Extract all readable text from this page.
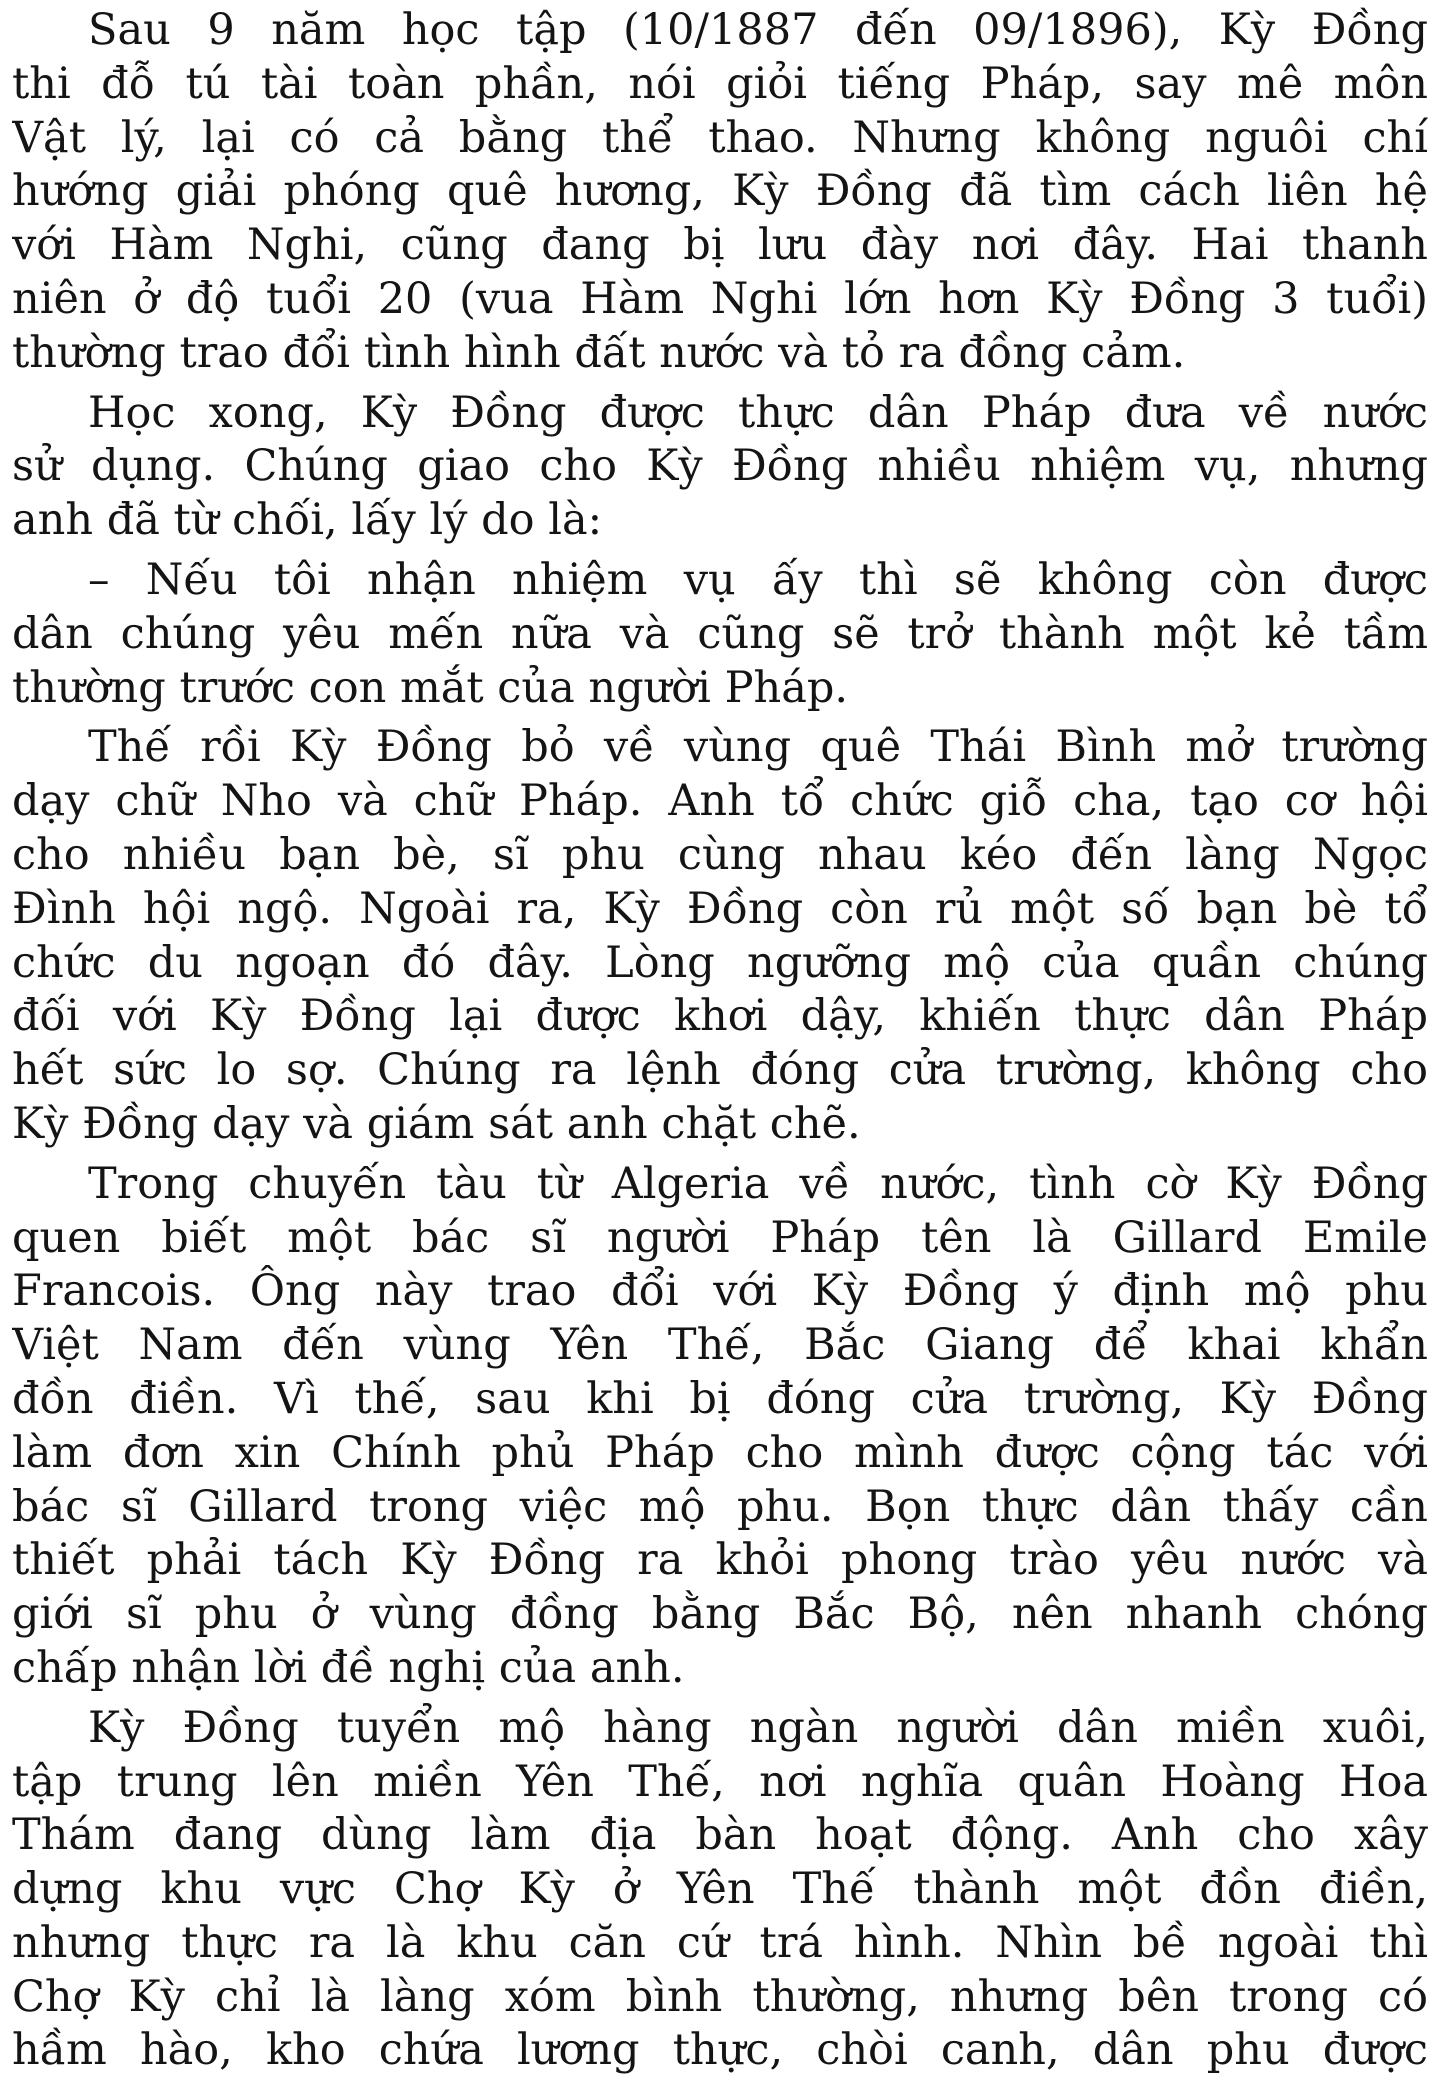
Sau 9 năm học tập (10/1887 đến 09/1896), Kỳ Đồng
thi đỗ tú tài toàn phần, nói giỏi tiếng Pháp, say mê môn
Vật lý, lại có cả bằng thể thao. Nhưng không nguôi chí
hướng giải phóng quê hương, Kỳ Đồng đã tìm cách liên hệ
với Hàm Nghi, cũng đang bị lưu đày nơi đây. Hai thanh
niên ở độ tuổi 20 (vua Hàm Nghi lớn hơn Kỳ Đồng 3 tuổi)
thường trao đổi tình hình đất nước và tỏ ra đồng cảm.
Học xong, Kỳ Đồng được thực dân Pháp đưa về nước
sử dụng. Chúng giao cho Kỳ Đồng nhiều nhiệm vụ, nhưng
anh đã từ chối, lấy lý do là:
– Nếu tôi nhận nhiệm vụ ấy thì sẽ không còn được
dân chúng yêu mến nữa và cũng sẽ trở thành một kẻ tầm
thường trước con mắt của người Pháp.
Thế rồi Kỳ Đồng bỏ về vùng quê Thái Bình mở trường
dạy chữ Nho và chữ Pháp. Anh tổ chức giỗ cha, tạo cơ hội
cho nhiều bạn bè, sĩ phu cùng nhau kéo đến làng Ngọc
Đình hội ngộ. Ngoài ra, Kỳ Đồng còn rủ một số bạn bè tổ
chức du ngoạn đó đây. Lòng ngưỡng mộ của quần chúng
đối với Kỳ Đồng lại được khơi dậy, khiến thực dân Pháp
hết sức lo sợ. Chúng ra lệnh đóng cửa trường, không cho
Kỳ Đồng dạy và giám sát anh chặt chẽ.
Trong chuyến tàu từ Algeria về nước, tình cờ Kỳ Đồng
quen biết một bác sĩ người Pháp tên là Gillard Emile
Francois. Ông này trao đổi với Kỳ Đồng ý định mộ phu
Việt Nam đến vùng Yên Thế, Bắc Giang để khai khẩn
đồn điền. Vì thế, sau khi bị đóng cửa trường, Kỳ Đồng
làm đơn xin Chính phủ Pháp cho mình được cộng tác với
bác sĩ Gillard trong việc mộ phu. Bọn thực dân thấy cần
thiết phải tách Kỳ Đồng ra khỏi phong trào yêu nước và
giới sĩ phu ở vùng đồng bằng Bắc Bộ, nên nhanh chóng
chấp nhận lời đề nghị của anh.
Kỳ Đồng tuyển mộ hàng ngàn người dân miền xuôi,
tập trung lên miền Yên Thế, nơi nghĩa quân Hoàng Hoa
Thám đang dùng làm địa bàn hoạt động. Anh cho xây
dựng khu vực Chợ Kỳ ở Yên Thế thành một đồn điền,
nhưng thực ra là khu căn cứ trá hình. Nhìn bề ngoài thì
Chợ Kỳ chỉ là làng xóm bình thường, nhưng bên trong có
hầm hào, kho chứa lương thực, chòi canh, dân phu được
